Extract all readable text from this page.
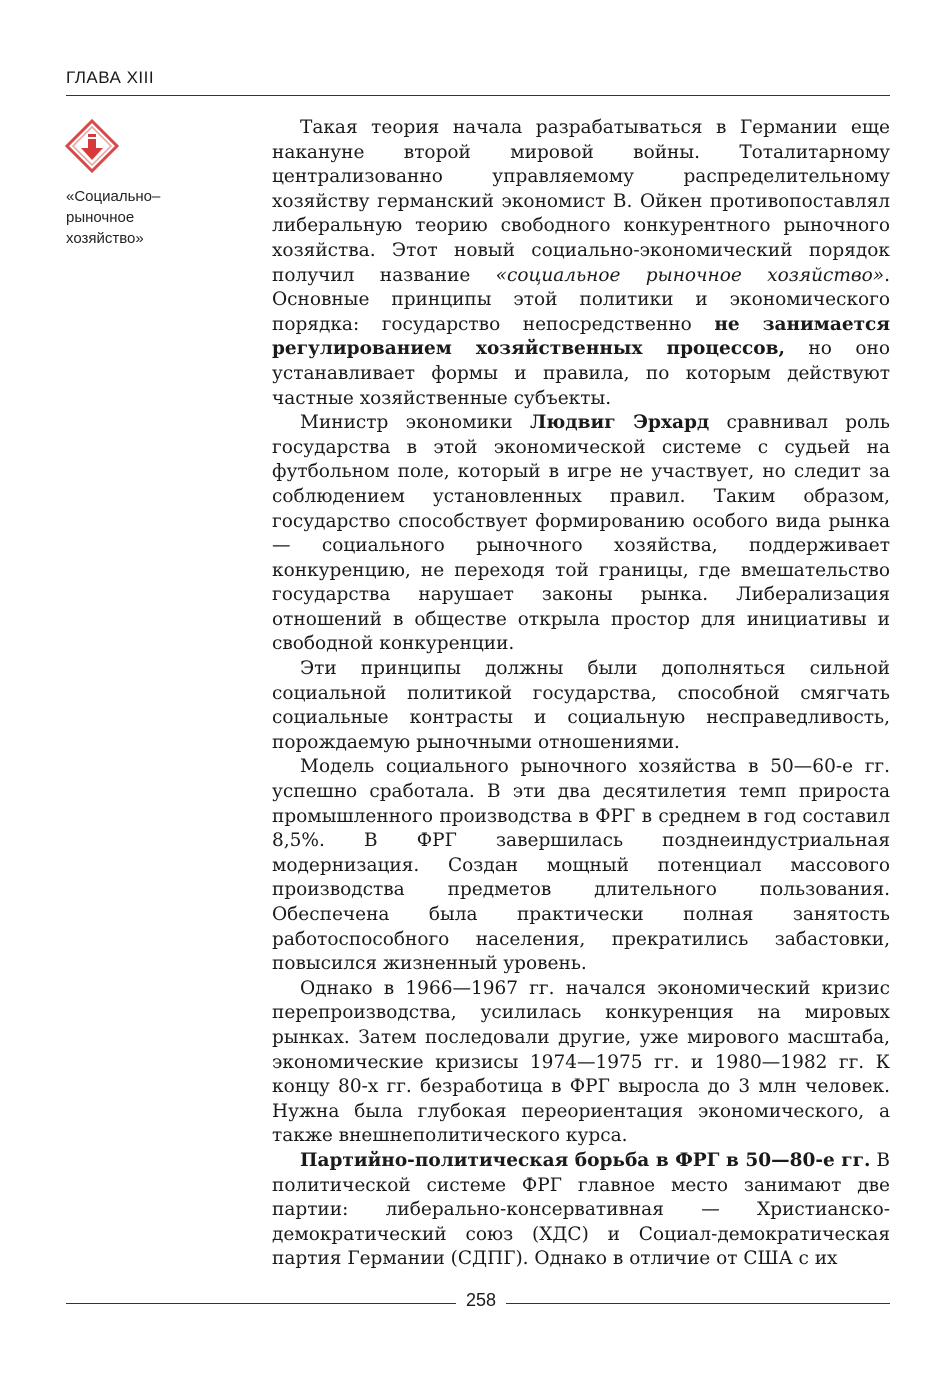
ГЛАВА XIII
«Социально–
рыночное
хозяйство»

Такая теория начала разрабатываться в Германии еще накануне второй мировой войны. Тоталитарному централизованно управляемому распределительному хозяйству германский экономист В. Ойкен противопоставлял либеральную теорию свободного конкурентного рыночного хозяйства. Этот новый социально-экономический порядок получил название «социальное рыночное хозяйство». Основные принципы этой политики и экономического порядка: государство непосредственно не занимается регулированием хозяйственных процессов, но оно устанавливает формы и правила, по которым действуют частные хозяйственные субъекты.

Министр экономики Людвиг Эрхард сравнивал роль государства в этой экономической системе с судьей на футбольном поле, который в игре не участвует, но следит за соблюдением установленных правил. Таким образом, государство способствует формированию особого вида рынка — социального рыночного хозяйства, поддерживает конкуренцию, не переходя той границы, где вмешательство государства нарушает законы рынка. Либерализация отношений в обществе открыла простор для инициативы и свободной конкуренции.

Эти принципы должны были дополняться сильной социальной политикой государства, способной смягчать социальные контрасты и социальную несправедливость, порождаемую рыночными отношениями.

Модель социального рыночного хозяйства в 50—60-е гг. успешно сработала. В эти два десятилетия темп прироста промышленного производства в ФРГ в среднем в год составил 8,5%. В ФРГ завершилась позднеиндустриальная модернизация. Создан мощный потенциал массового производства предметов длительного пользования. Обеспечена была практически полная занятость работоспособного населения, прекратились забастовки, повысился жизненный уровень.

Однако в 1966—1967 гг. начался экономический кризис перепроизводства, усилилась конкуренция на мировых рынках. Затем последовали другие, уже мирового масштаба, экономические кризисы 1974—1975 гг. и 1980—1982 гг. К концу 80-х гг. безработица в ФРГ выросла до 3 млн человек. Нужна была глубокая переориентация экономического, а также внешнеполитического курса.

Партийно-политическая борьба в ФРГ в 50—80-е гг. В политической системе ФРГ главное место занимают две партии: либерально-консервативная — Христианско-демократический союз (ХДС) и Социал-демократическая партия Германии (СДПГ). Однако в отличие от США с их

258
